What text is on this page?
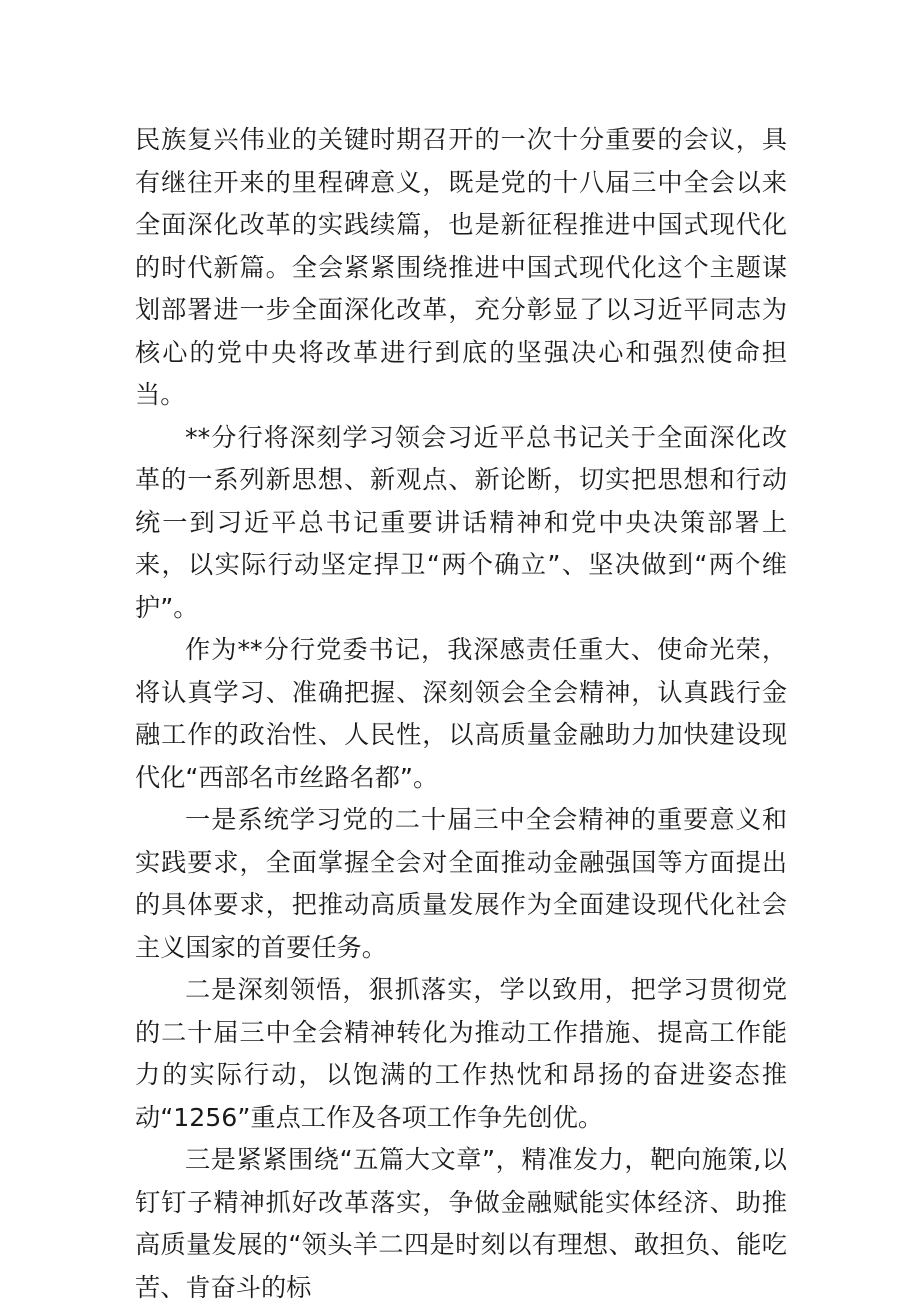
民族复兴伟业的关键时期召开的一次十分重要的会议，具有继往开来的里程碑意义，既是党的十八届三中全会以来全面深化改革的实践续篇，也是新征程推进中国式现代化的时代新篇。全会紧紧围绕推进中国式现代化这个主题谋划部署进一步全面深化改革，充分彰显了以习近平同志为核心的党中央将改革进行到底的坚强决心和强烈使命担当。

**分行将深刻学习领会习近平总书记关于全面深化改革的一系列新思想、新观点、新论断，切实把思想和行动统一到习近平总书记重要讲话精神和党中央决策部署上来，以实际行动坚定捍卫“两个确立”、坚决做到“两个维护”。

作为**分行党委书记，我深感责任重大、使命光荣，将认真学习、准确把握、深刻领会全会精神，认真践行金融工作的政治性、人民性，以高质量金融助力加快建设现代化“西部名市丝路名都”。

一是系统学习党的二十届三中全会精神的重要意义和实践要求，全面掌握全会对全面推动金融强国等方面提出的具体要求，把推动高质量发展作为全面建设现代化社会主义国家的首要任务。

二是深刻领悟，狠抓落实，学以致用，把学习贯彻党的二十届三中全会精神转化为推动工作措施、提高工作能力的实际行动，以饱满的工作热忱和昂扬的奋进姿态推动“1256”重点工作及各项工作争先创优。

三是紧紧围绕“五篇大文章”，精准发力，靶向施策,以钉钉子精神抓好改革落实，争做金融赋能实体经济、助推高质量发展的“领头羊二四是时刻以有理想、敢担负、能吃苦、肯奋斗的标
